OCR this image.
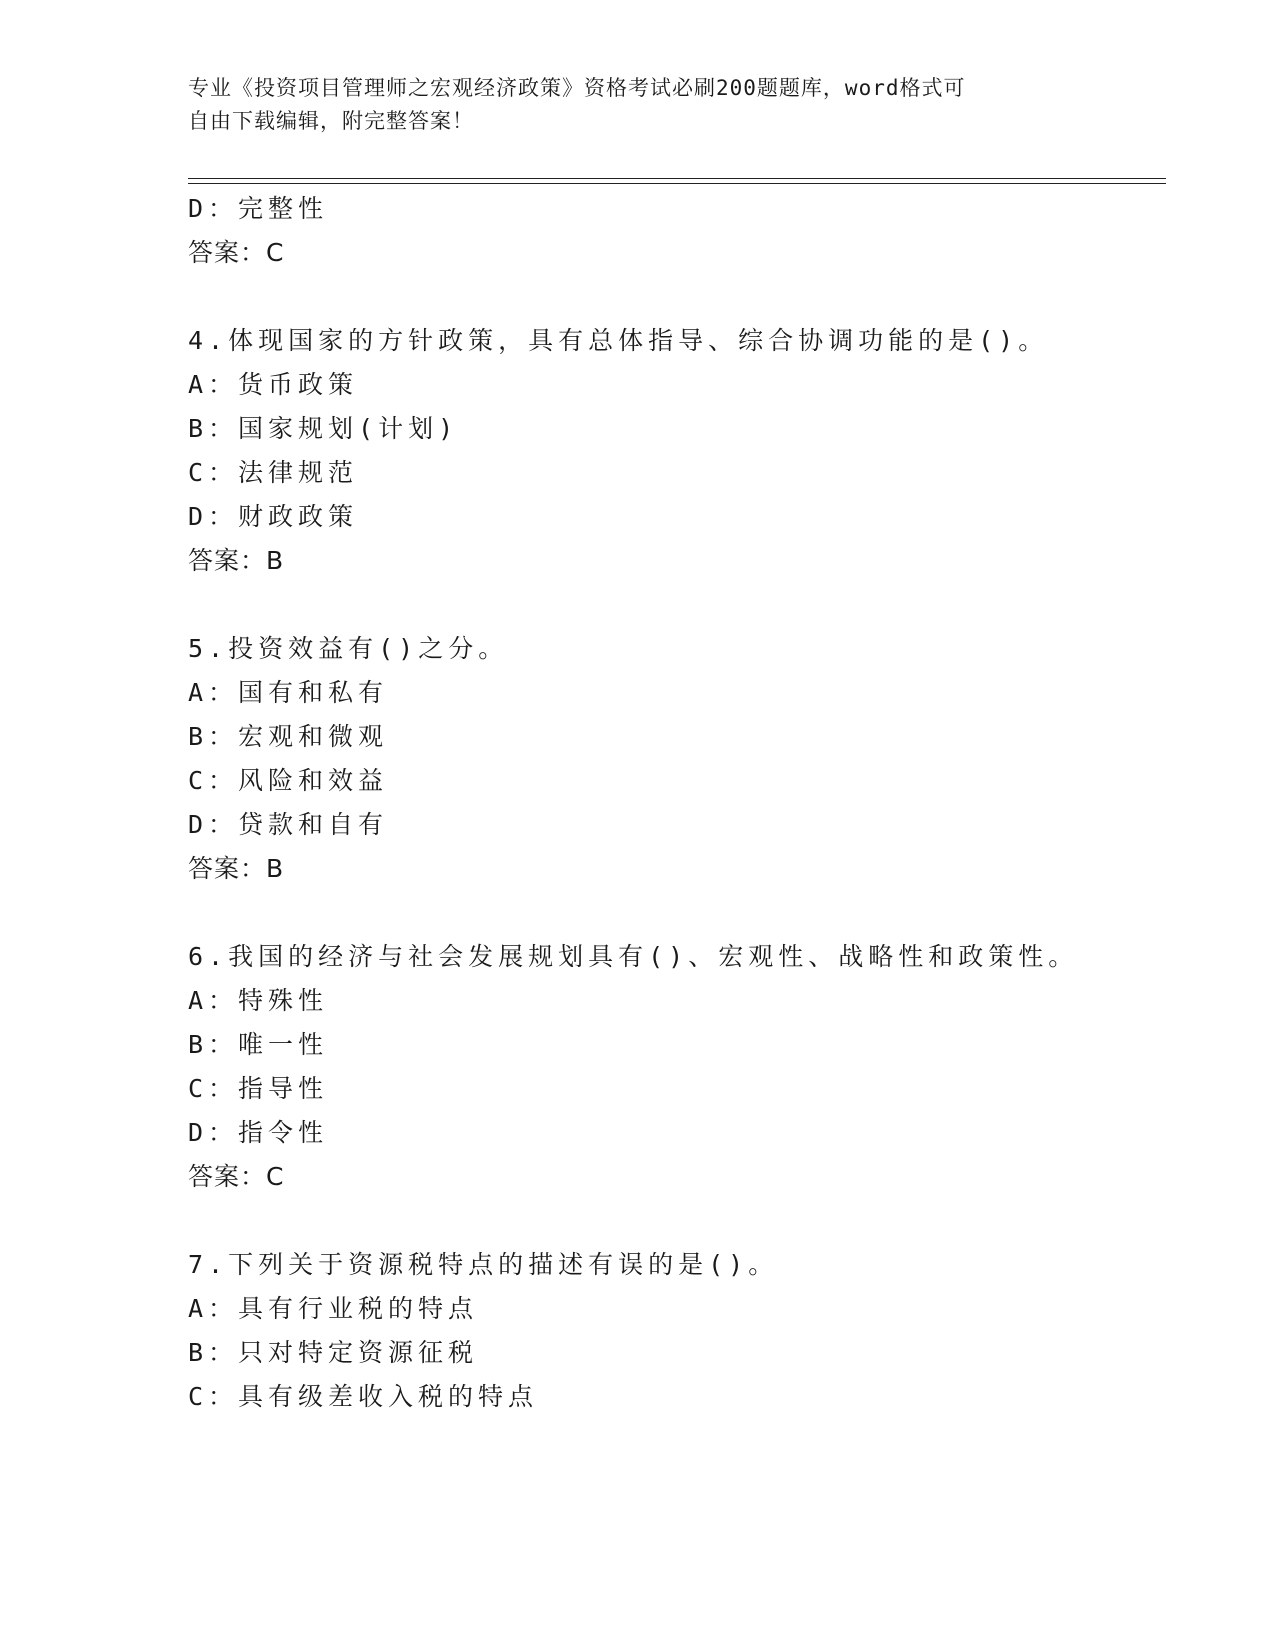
专业《投资项目管理师之宏观经济政策》资格考试必刷200题题库，word格式可
自由下载编辑，附完整答案！
D：完整性
答案：C
4.体现国家的方针政策，具有总体指导、综合协调功能的是()。
A：货币政策
B：国家规划(计划)
C：法律规范
D：财政政策
答案：B
5.投资效益有()之分。
A：国有和私有
B：宏观和微观
C：风险和效益
D：贷款和自有
答案：B
6.我国的经济与社会发展规划具有()、宏观性、战略性和政策性。
A：特殊性
B：唯一性
C：指导性
D：指令性
答案：C
7.下列关于资源税特点的描述有误的是()。
A：具有行业税的特点
B：只对特定资源征税
C：具有级差收入税的特点
